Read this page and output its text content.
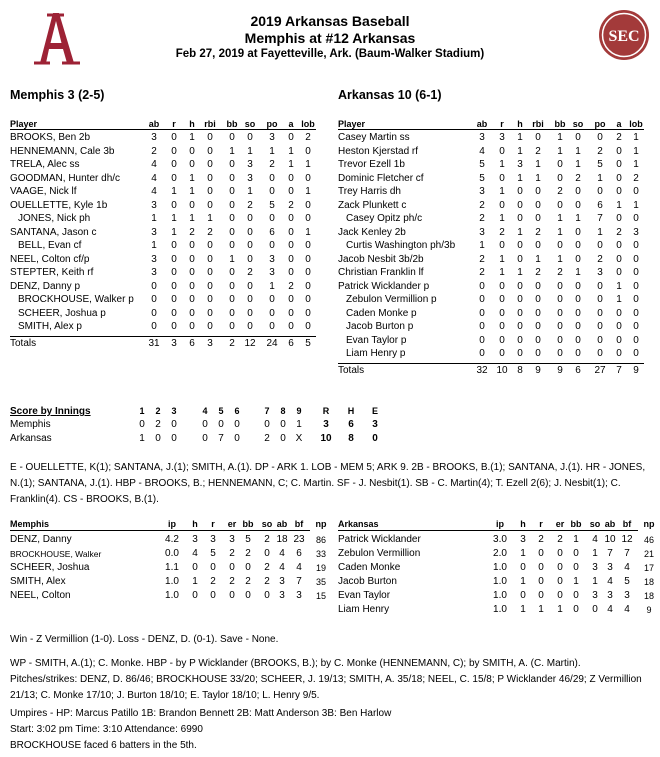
SEC
2019 Arkansas Baseball
Memphis at #12 Arkansas
Feb 27, 2019 at Fayetteville, Ark. (Baum-Walker Stadium)
Memphis 3 (2-5)	Arkansas 10 (6-1)
Player	ab	r	h	rbi	bb so	po	a lob
BROOKS, Ben 2b	3	0	1	0	0	0	3	0	2
HENNEMANN, Cale 3b	2	0	0	0	1	1	1	1	0
TRELA, Alec ss	4	0	0	0	0	3	2	1	1
GOODMAN, Hunter dh/c	4	0	1	0	0	3	0	0	0
VAAGE, Nick lf	4	1	1	0	0	1	0	0	1
OUELLETTE, Kyle 1b	3	0	0	0	0	2	5	2	0
JONES, Nick ph	1	1	1	1	0	0	0	0	0
SANTANA, Jason c	3	1	2	2	0	0	6	0	1
BELL, Evan cf	1	0	0	0	0	0	0	0	0
NEEL, Colton cf/p	3	0	0	0	1	0	3	0	0
STEPTER, Keith rf	3	0	0	0	0	2	3	0	0
DENZ, Danny p	0	0	0	0	0	0	1	2	0
BROCKHOUSE, Walker p	0	0	0	0	0	0	0	0	0
SCHEER, Joshua p	0	0	0	0	0	0	0	0	0
SMITH, Alex p	0	0	0	0	0	0	0	0	0
Totals	31	3	6	3	2 12	24	6	5
Player	ab	r	h	rbi	bb so	po	a lob
Casey Martin ss	3	3	1	0	1	0	0	2	1
Heston Kjerstad rf	4	0	1	2	1	1	2	0	1
Trevor Ezell 1b	5	1	3	1	0	1	5	0	1
Dominic Fletcher cf	5	0	1	1	0	2	1	0	2
Trey Harris dh	3	1	0	0	2	0	0	0	0
Zack Plunkett c	2	0	0	0	0	0	6	1	1
Casey Opitz ph/c	2	1	0	0	1	1	7	0	0
Jack Kenley 2b	3	2	1	2	1	0	1	2	3
Curtis Washington ph/3b	1	0	0	0	0	0	0	0	0
Jacob Nesbit 3b/2b	2	1	0	1	1	0	2	0	0
Christian Franklin lf	2	1	1	2	2	1	3	0	0
Patrick Wicklander p	0	0	0	0	0	0	0	1	0
Zebulon Vermillion p	0	0	0	0	0	0	0	1	0
Caden Monke p	0	0	0	0	0	0	0	0	0
Jacob Burton p	0	0	0	0	0	0	0	0	0
Evan Taylor p	0	0	0	0	0	0	0	0	0
Liam Henry p	0	0	0	0	0	0	0	0	0
Totals	32 10 8	9	9	6	27	7	9
Score by Innings	1	2	3	4	5	6	7	8	9	R	H	E
Memphis	0	2	0	0	0	0	0	0	1	3	6	3
Arkansas	1	0	0	0	7	0	2	0 X 10	8	0
E - OUELLETTE, K(1); SANTANA, J.(1); SMITH, A.(1). DP - ARK 1. LOB - MEM 5; ARK 9. 2B - BROOKS, B.(1); SANTANA, J.(1). HR - JONES, N.(1); SANTANA, J.(1). HBP - BROOKS, B.; HENNEMANN, C; C. Martin. SF - J. Nesbit(1). SB - C. Martin(4); T. Ezell 2(6); J. Nesbit(1); C. Franklin(4). CS - BROOKS, B.(1).
Memphis	ip	h	r	er bb so ab bf	np
DENZ, Danny	4.2	3	3	3	5	2 18 23	86
BROCKHOUSE, Walker	0.0	4	5	2	2	0 4	6	33
SCHEER, Joshua	1.1	0	0	0	0	2 4	4	19
SMITH, Alex	1.0	1	2	2	2	2 3	7	35
NEEL, Colton	1.0	0	0	0	0	0 3	3	15
Arkansas	ip	h	r	er bb so ab bf	np
Patrick Wicklander	3.0	3	2	2	1	4 10 12	46
Zebulon Vermillion	2.0	1	0	0	0	1 7	7	21
Caden Monke	1.0	0	0	0	0	3 3	4	17
Jacob Burton	1.0	1	0	0	1	1 4	5	18
Evan Taylor	1.0	0	0	0	0	3 3	3	18
Liam Henry	1.0	1	1	1	0	0 4	4	9
Win - Z Vermillion (1-0). Loss - DENZ, D. (0-1). Save - None.
WP - SMITH, A.(1); C. Monke. HBP - by P Wicklander (BROOKS, B.); by C. Monke (HENNEMANN, C); by SMITH, A. (C. Martin). Pitches/strikes: DENZ, D. 86/46; BROCKHOUSE 33/20; SCHEER, J. 19/13; SMITH, A. 35/18; NEEL, C. 15/8; P Wicklander 46/29; Z Vermillion 21/13; C. Monke 17/10; J. Burton 18/10; E. Taylor 18/10; L. Henry 9/5.
Umpires - HP: Marcus Patillo 1B: Brandon Bennett 2B: Matt Anderson 3B: Ben Harlow
Start: 3:02 pm Time: 3:10 Attendance: 6990
BROCKHOUSE faced 6 batters in the 5th.
